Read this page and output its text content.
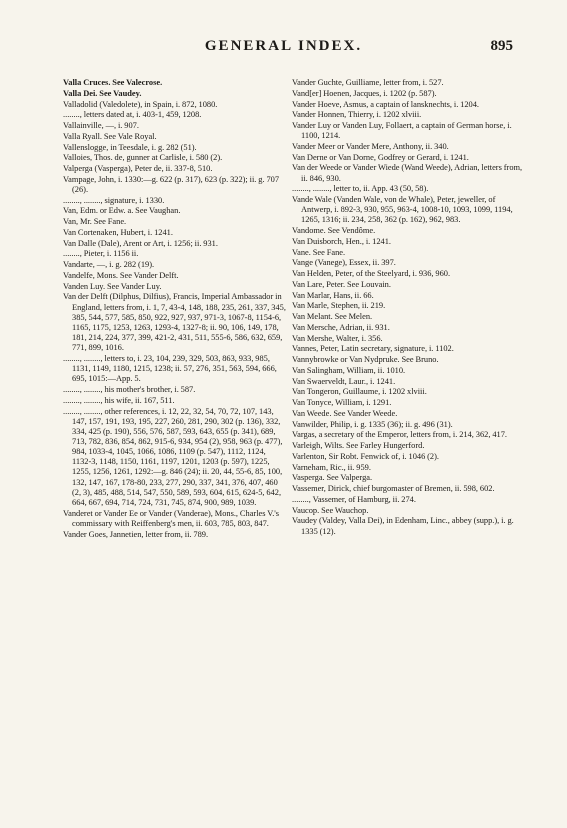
GENERAL INDEX.	895

Valla Cruces. See Valecrose.

Valla Dei. See Vaudey.

Valladolid (Valedolete), in Spain, i. 872, 1080.

........, letters dated at, i. 403-1, 459, 1208.

Vallainville, —, i. 907.

Valla Ryall. See Vale Royal.

Vallenslogge, in Teesdale, i. g. 282 (51).

Valloies, Thos. de, gunner at Carlisle, i. 580 (2).

Valperga (Vasperga), Peter de, ii. 337-8, 510.

Vampage, John, i. 1330:—g. 622 (p. 317), 623 (p. 322); ii. g. 707 (26).

........, ........, signature, i. 1330.

Van, Edm. or Edw. a. See Vaughan.

Van, Mr. See Fane.

Van Cortenaken, Hubert, i. 1241.

Van Dalle (Dale), Arent or Art, i. 1256; ii. 931.

........, Pieter, i. 1156 ii.

Vandarte, —, i. g. 282 (19).

Vandelfe, Mons. See Vander Delft.

Vanden Luy. See Vander Luy.

Van der Delft (Dilphus, Dilfius), Francis, Imperial Ambassador in England, letters from, i. 1, 7, 43-4, 148, 188, 235, 261, 337, 345, 385, 544, 577, 585, 850, 922, 927, 937, 971-3, 1067-8, 1154-6, 1165, 1175, 1253, 1263, 1293-4, 1327-8; ii. 90, 106, 149, 178, 181, 214, 224, 377, 399, 421-2, 431, 511, 555-6, 586, 632, 659, 771, 899, 1016.

........, ........, letters to, i. 23, 104, 239, 329, 503, 863, 933, 985, 1131, 1149, 1180, 1215, 1238; ii. 57, 276, 351, 563, 594, 666, 695, 1015:—App. 5.

........, ........, his mother's brother, i. 587.

........, ........, his wife, ii. 167, 511.

........, ........, other references, i. 12, 22, 32, 54, 70, 72, 107, 143, 147, 157, 191, 193, 195, 227, 260, 281, 290, 302 (p. 136), 332, 334, 425 (p. 190), 556, 576, 587, 593, 643, 655 (p. 341), 689, 713, 782, 836, 854, 862, 915-6, 934, 954 (2), 958, 963 (p. 477), 984, 1033-4, 1045, 1066, 1086, 1109 (p. 547), 1112, 1124, 1132-3, 1148, 1150, 1161, 1197, 1201, 1203 (p. 597), 1225, 1255, 1256, 1261, 1292:—g. 846 (24); ii. 20, 44, 55-6, 85, 100, 132, 147, 167, 178-80, 233, 277, 290, 337, 341, 376, 407, 460 (2, 3), 485, 488, 514, 547, 550, 589, 593, 604, 615, 624-5, 642, 664, 667, 694, 714, 724, 731, 745, 874, 900, 989, 1039.

Vanderet or Vander Ee or Vander (Vanderae), Mons., Charles V.'s commissary with Reiffenberg's men, ii. 603, 785, 803, 847.

Vander Goes, Jannetien, letter from, ii. 789.

Vander Guchte, Guilliame, letter from, i. 527.

Vand[er] Hoenen, Jacques, i. 1202 (p. 587).

Vander Hoeve, Asmus, a captain of lansknechts, i. 1204.

Vander Honnen, Thierry, i. 1202 xlviii.

Vander Luy or Vanden Luy, Follaert, a captain of German horse, i. 1100, 1214.

Vander Meer or Vander Mere, Anthony, ii. 340.

Van Derne or Van Dorne, Godfrey or Gerard, i. 1241.

Van der Weede or Vander Wiede (Wand Weede), Adrian, letters from, ii. 846, 930.

........, ........, letter to, ii. App. 43 (50, 58).

Vande Wale (Vanden Wale, von de Whale), Peter, jeweller, of Antwerp, i. 892-3, 930, 955, 963-4, 1008-10, 1093, 1099, 1194, 1265, 1316; ii. 234, 258, 362 (p. 162), 962, 983.

Vandome. See Vendôme.

Van Duisborch, Hen., i. 1241.

Vane. See Fane.

Vange (Vanege), Essex, ii. 397.

Van Helden, Peter, of the Steelyard, i. 936, 960.

Van Lare, Peter. See Louvain.

Van Marlar, Hans, ii. 66.

Van Marle, Stephen, ii. 219.

Van Melant. See Melen.

Van Mersche, Adrian, ii. 931.

Van Mershe, Walter, i. 356.

Vannes, Peter, Latin secretary, signature, i. 1102.

Vannybrowke or Van Nydpruke. See Bruno.

Van Salingham, William, ii. 1010.

Van Swaerveldt, Laur., i. 1241.

Van Tongeron, Guillaume, i. 1202 xlviii.

Van Tonyce, William, i. 1291.

Van Weede. See Vander Weede.

Vanwilder, Philip, i. g. 1335 (36); ii. g. 496 (31).

Vargas, a secretary of the Emperor, letters from, i. 214, 362, 417.

Varleigh, Wilts. See Farley Hungerford.

Varlenton, Sir Robt. Fenwick of, i. 1046 (2).

Varneham, Ric., ii. 959.

Vasperga. See Valperga.

Vassemer, Dirick, chief burgomaster of Bremen, ii. 598, 602.

........, Vassemer, of Hamburg, ii. 274.

Vaucop. See Wauchop.

Vaudey (Valdey, Valla Dei), in Edenham, Linc., abbey (supp.), i. g. 1335 (12).
